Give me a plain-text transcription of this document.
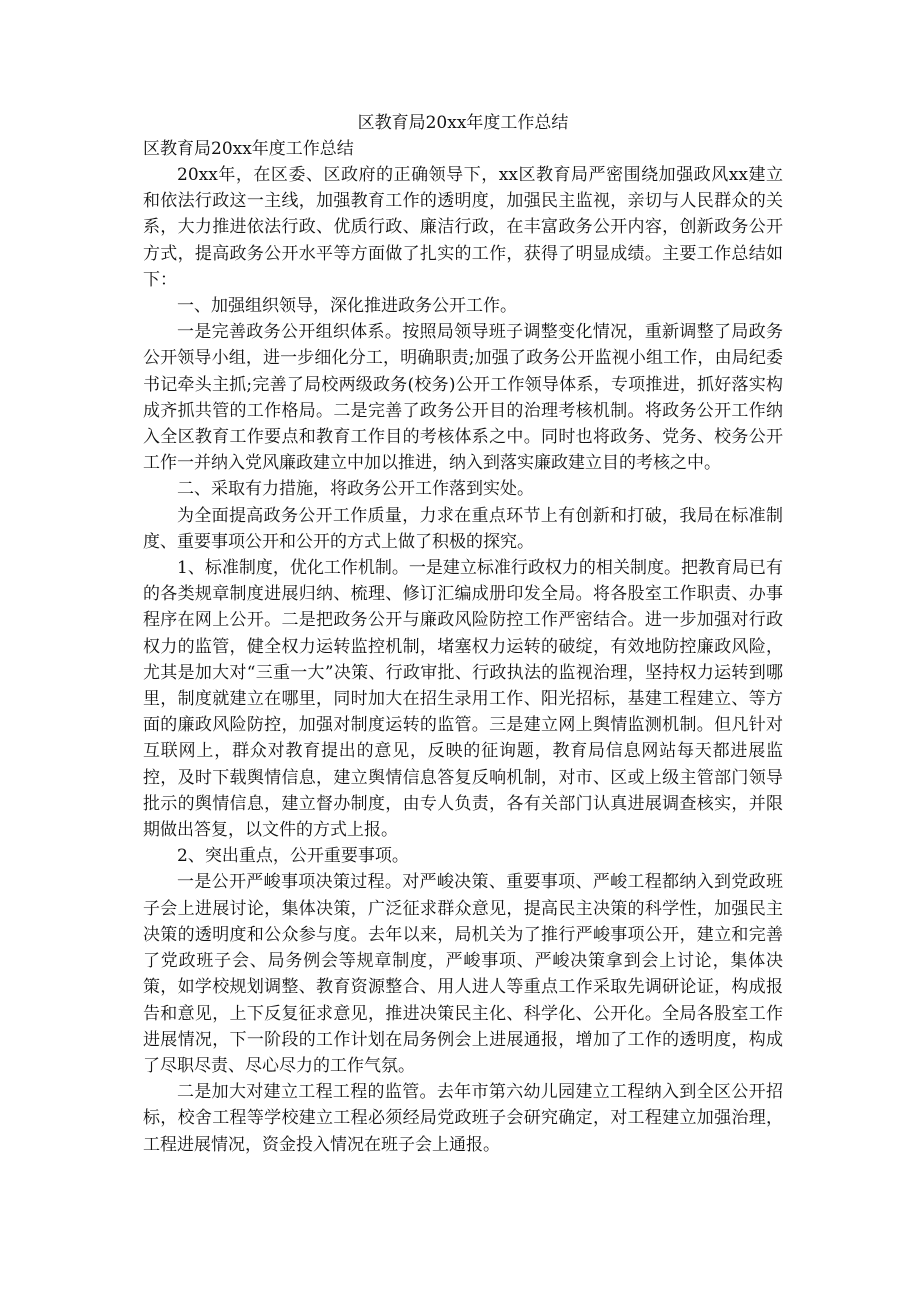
区教育局20xx年度工作总结

区教育局20xx年度工作总结

20xx年，在区委、区政府的正确领导下，xx区教育局严密围绕加强政风xx建立和依法行政这一主线，加强教育工作的透明度，加强民主监视，亲切与人民群众的关系，大力推进依法行政、优质行政、廉洁行政，在丰富政务公开内容，创新政务公开方式，提高政务公开水平等方面做了扎实的工作，获得了明显成绩。主要工作总结如下：

一、加强组织领导，深化推进政务公开工作。

一是完善政务公开组织体系。按照局领导班子调整变化情况，重新调整了局政务公开领导小组，进一步细化分工，明确职责;加强了政务公开监视小组工作，由局纪委书记牵头主抓;完善了局校两级政务(校务)公开工作领导体系，专项推进，抓好落实构成齐抓共管的工作格局。二是完善了政务公开目的治理考核机制。将政务公开工作纳入全区教育工作要点和教育工作目的考核体系之中。同时也将政务、党务、校务公开工作一并纳入党风廉政建立中加以推进，纳入到落实廉政建立目的考核之中。

二、采取有力措施，将政务公开工作落到实处。

为全面提高政务公开工作质量，力求在重点环节上有创新和打破，我局在标准制度、重要事项公开和公开的方式上做了积极的探究。

1、标准制度，优化工作机制。一是建立标准行政权力的相关制度。把教育局已有的各类规章制度进展归纳、梳理、修订汇编成册印发全局。将各股室工作职责、办事程序在网上公开。二是把政务公开与廉政风险防控工作严密结合。进一步加强对行政权力的监管，健全权力运转监控机制，堵塞权力运转的破绽，有效地防控廉政风险，尤其是加大对“三重一大”决策、行政审批、行政执法的监视治理，坚持权力运转到哪里，制度就建立在哪里，同时加大在招生录用工作、阳光招标，基建工程建立、等方面的廉政风险防控，加强对制度运转的监管。三是建立网上舆情监测机制。但凡针对互联网上，群众对教育提出的意见，反映的征询题，教育局信息网站每天都进展监控，及时下载舆情信息，建立舆情信息答复反响机制，对市、区或上级主管部门领导批示的舆情信息，建立督办制度，由专人负责，各有关部门认真进展调查核实，并限期做出答复，以文件的方式上报。

2、突出重点，公开重要事项。

一是公开严峻事项决策过程。对严峻决策、重要事项、严峻工程都纳入到党政班子会上进展讨论，集体决策，广泛征求群众意见，提高民主决策的科学性，加强民主决策的透明度和公众参与度。去年以来，局机关为了推行严峻事项公开，建立和完善了党政班子会、局务例会等规章制度，严峻事项、严峻决策拿到会上讨论，集体决策，如学校规划调整、教育资源整合、用人进人等重点工作采取先调研论证，构成报告和意见，上下反复征求意见，推进决策民主化、科学化、公开化。全局各股室工作进展情况，下一阶段的工作计划在局务例会上进展通报，增加了工作的透明度，构成了尽职尽责、尽心尽力的工作气氛。

二是加大对建立工程工程的监管。去年市第六幼儿园建立工程纳入到全区公开招标，校舍工程等学校建立工程必须经局党政班子会研究确定，对工程建立加强治理，工程进展情况，资金投入情况在班子会上通报。
